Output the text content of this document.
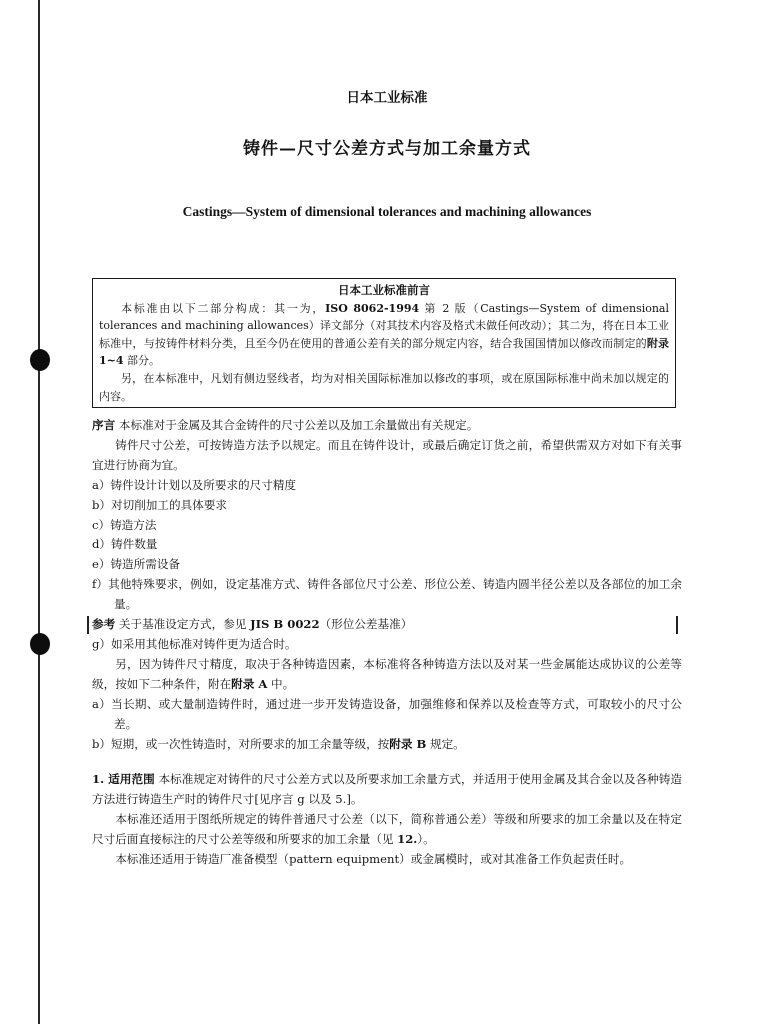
日本工业标准
铸件—尺寸公差方式与加工余量方式
Castings—System of dimensional tolerances and machining allowances
日本工业标准前言

本标准由以下二部分构成：其一为，ISO 8062-1994 第 2 版（Castings—System of dimensional tolerances and machining allowances）译文部分（对其技术内容及格式未做任何改动）；其二为，将在日本工业标准中，与按铸件材料分类，且至今仍在使用的普通公差有关的部分规定内容，结合我国国情加以修改而制定的附录 1~4 部分。

另，在本标准中，凡划有侧边竖线者，均为对相关国际标准加以修改的事项，或在原国际标准中尚未加以规定的内容。

序言 本标准对于金属及其合金铸件的尺寸公差以及加工余量做出有关规定。

铸件尺寸公差，可按铸造方法予以规定。而且在铸件设计，或最后确定订货之前，希望供需双方对如下有关事宜进行协商为宜。

a）铸件设计计划以及所要求的尺寸精度

b）对切削加工的具体要求

c）铸造方法

d）铸件数量

e）铸造所需设备

f）其他特殊要求，例如，设定基准方式、铸件各部位尺寸公差、形位公差、铸造内圆半径公差以及各部位的加工余量。

参考 关于基准设定方式，参见 JIS B 0022（形位公差基准）

g）如采用其他标准对铸件更为适合时。

另，因为铸件尺寸精度，取决于各种铸造因素，本标准将各种铸造方法以及对某一些金属能达成协议的公差等级，按如下二种条件，附在附录 A 中。

a）当长期、或大量制造铸件时，通过进一步开发铸造设备，加强维修和保养以及检查等方式，可取较小的尺寸公差。

b）短期，或一次性铸造时，对所要求的加工余量等级，按附录 B 规定。

1. 适用范围 本标准规定对铸件的尺寸公差方式以及所要求加工余量方式，并适用于使用金属及其合金以及各种铸造方法进行铸造生产时的铸件尺寸[见序言 g 以及 5.]。

本标准还适用于图纸所规定的铸件普通尺寸公差（以下，简称普通公差）等级和所要求的加工余量以及在特定尺寸后面直接标注的尺寸公差等级和所要求的加工余量（见 12.）。

本标准还适用于铸造厂准备模型（pattern equipment）或金属模时，或对其准备工作负起责任时。
